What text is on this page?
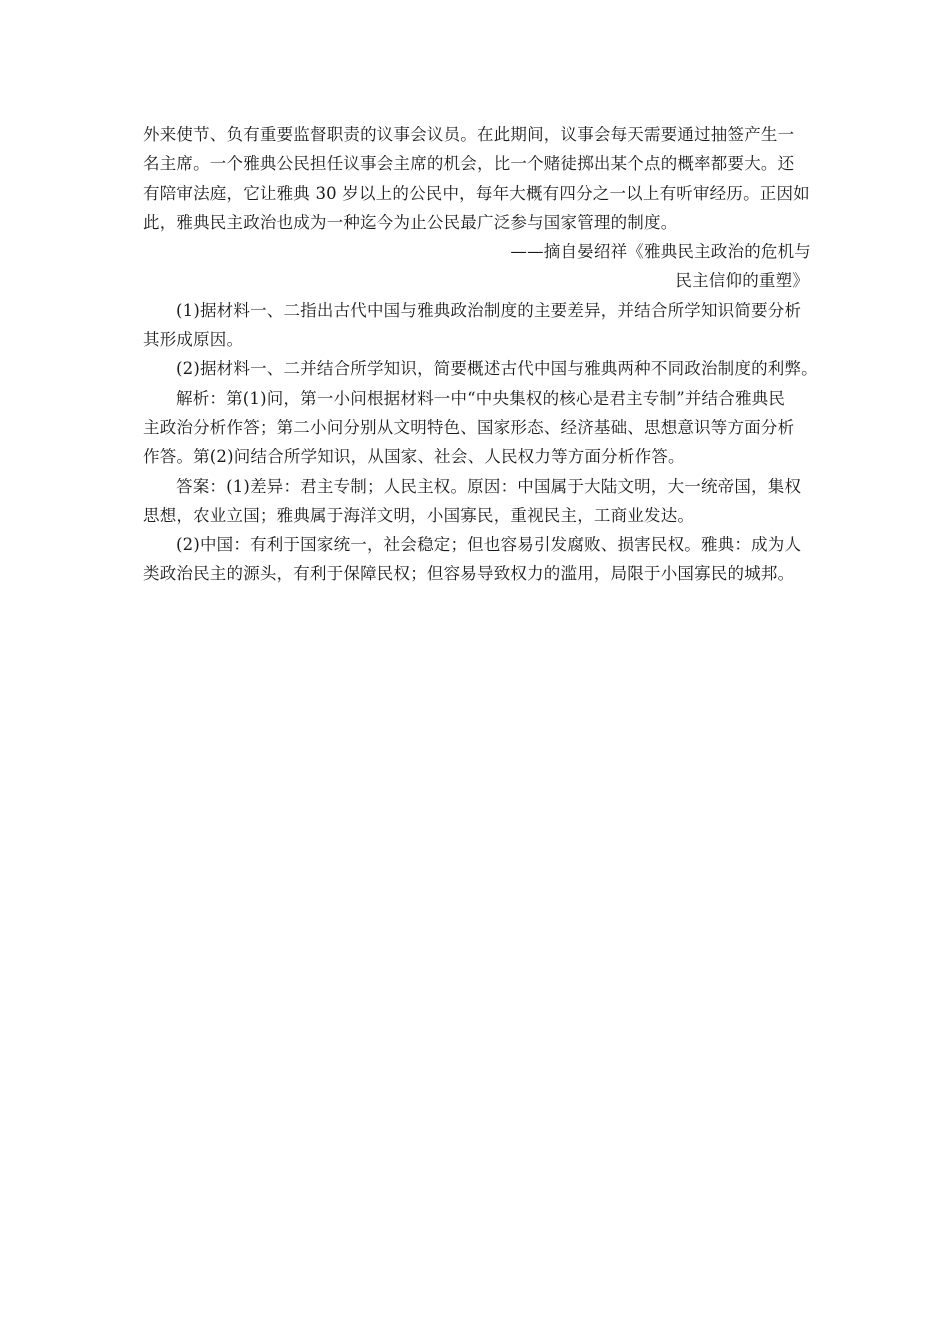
外来使节、负有重要监督职责的议事会议员。在此期间，议事会每天需要通过抽签产生一
名主席。一个雅典公民担任议事会主席的机会，比一个赌徒掷出某个点的概率都要大。还
有陪审法庭，它让雅典 30 岁以上的公民中，每年大概有四分之一以上有听审经历。正因如
此，雅典民主政治也成为一种迄今为止公民最广泛参与国家管理的制度。
——摘自晏绍祥《雅典民主政治的危机与
民主信仰的重塑》
(1)据材料一、二指出古代中国与雅典政治制度的主要差异，并结合所学知识简要分析
其形成原因。
(2)据材料一、二并结合所学知识，简要概述古代中国与雅典两种不同政治制度的利弊。
解析：第(1)问，第一小问根据材料一中“中央集权的核心是君主专制”并结合雅典民
主政治分析作答；第二小问分别从文明特色、国家形态、经济基础、思想意识等方面分析
作答。第(2)问结合所学知识，从国家、社会、人民权力等方面分析作答。
答案：(1)差异：君主专制；人民主权。原因：中国属于大陆文明，大一统帝国，集权
思想，农业立国；雅典属于海洋文明，小国寡民，重视民主，工商业发达。
(2)中国：有利于国家统一，社会稳定；但也容易引发腐败、损害民权。雅典：成为人
类政治民主的源头，有利于保障民权；但容易导致权力的滥用，局限于小国寡民的城邦。
